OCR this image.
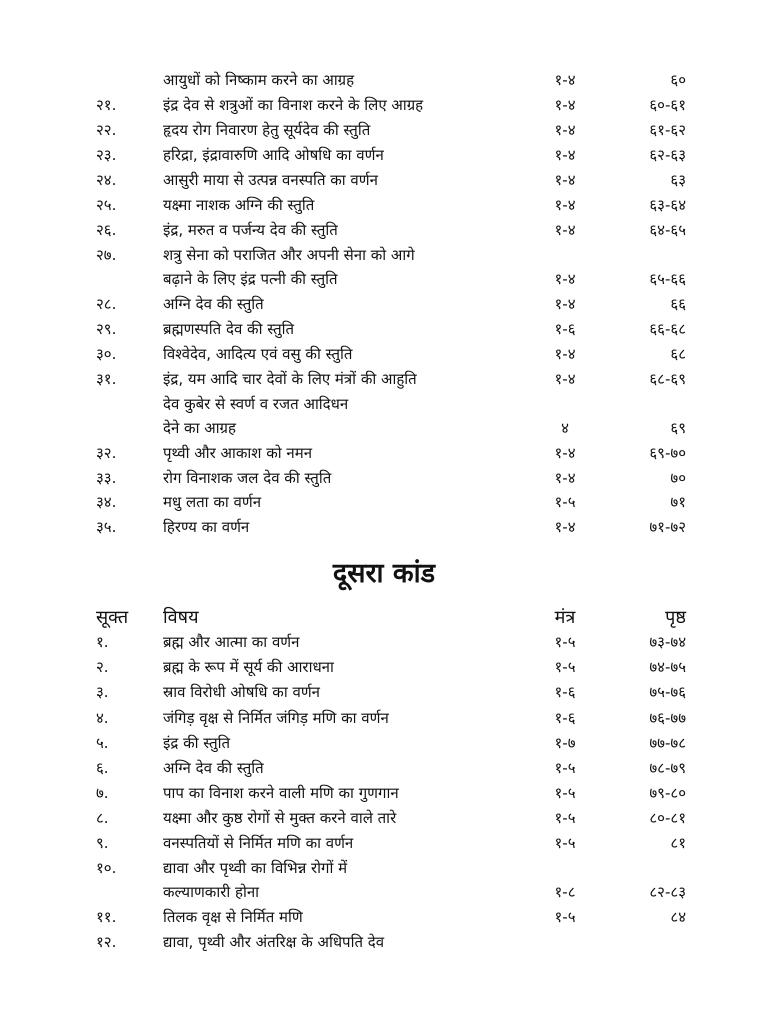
आयुधों को निष्काम करने का आग्रह	१-४	६०
२१.	इंद्र देव से शत्रुओं का विनाश करने के लिए आग्रह	१-४	६०-६१
२२.	हृदय रोग निवारण हेतु सूर्यदेव की स्तुति	१-४	६१-६२
२३.	हरिद्रा, इंद्रावारुणि आदि ओषधि का वर्णन	१-४	६२-६३
२४.	आसुरी माया से उत्पन्न वनस्पति का वर्णन	१-४	६३
२५.	यक्ष्मा नाशक अग्नि की स्तुति	१-४	६३-६४
२६.	इंद्र, मरुत व पर्जन्य देव की स्तुति	१-४	६४-६५
२७.	शत्रु सेना को पराजित और अपनी सेना को आगे
बढ़ाने के लिए इंद्र पत्नी की स्तुति	१-४	६५-६६
२८.	अग्नि देव की स्तुति	१-४	६६
२९.	ब्रह्मणस्पति देव की स्तुति	१-६	६६-६८
३०.	विश्वेदेव, आदित्य एवं वसु की स्तुति	१-४	६८
३१.	इंद्र, यम आदि चार देवों के लिए मंत्रों की आहुति	१-४	६८-६९
देव कुबेर से स्वर्ण व रजत आदिधन
देने का आग्रह	४	६९
३२.	पृथ्वी और आकाश को नमन	१-४	६९-७०
३३.	रोग विनाशक जल देव की स्तुति	१-४	७०
३४.	मधु लता का वर्णन	१-५	७१
३५.	हिरण्य का वर्णन	१-४	७१-७२
दूसरा कांड
सूक्त विषय	मंत्र	पृष्ठ
१.	ब्रह्म और आत्मा का वर्णन	१-५	७३-७४
२.	ब्रह्म के रूप में सूर्य की आराधना	१-५	७४-७५
३.	स्राव विरोधी ओषधि का वर्णन	१-६	७५-७६
४.	जंगिड़ वृक्ष से निर्मित जंगिड़ मणि का वर्णन	१-६	७६-७७
५.	इंद्र की स्तुति	१-७	७७-७८
६.	अग्नि देव की स्तुति	१-५	७८-७९
७.	पाप का विनाश करने वाली मणि का गुणगान	१-५	७९-८०
८.	यक्ष्मा और कुष्ठ रोगों से मुक्त करने वाले तारे	१-५	८०-८१
९.	वनस्पतियों से निर्मित मणि का वर्णन	१-५	८१
१०.	द्यावा और पृथ्वी का विभिन्न रोगों में
कल्याणकारी होना	१-८	८२-८३
११.	तिलक वृक्ष से निर्मित मणि	१-५	८४
१२.	द्यावा, पृथ्वी और अंतरिक्ष के अधिपति देव
